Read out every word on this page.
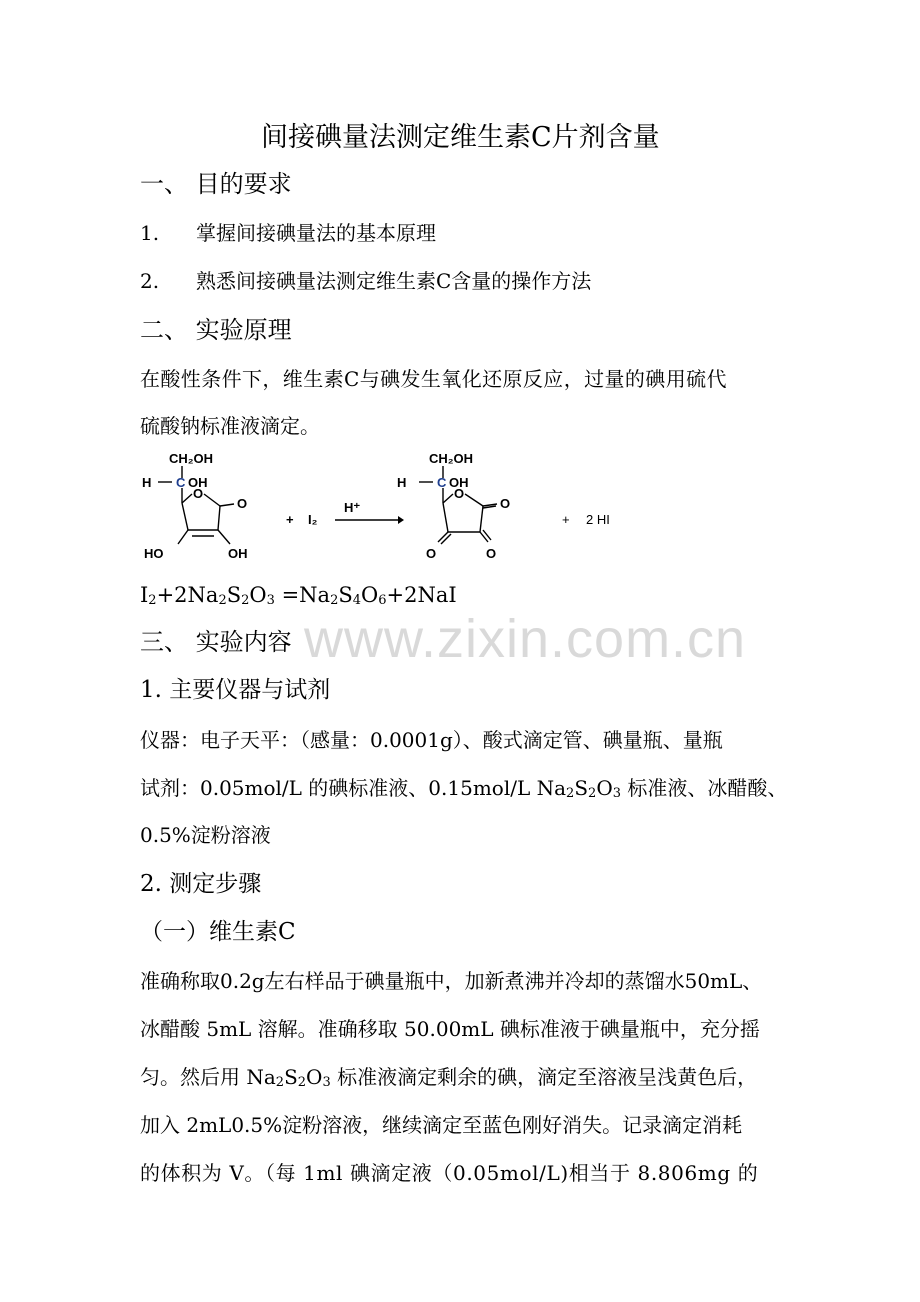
间接碘量法测定维生素C片剂含量
一、 目的要求
1. 掌握间接碘量法的基本原理
2. 熟悉间接碘量法测定维生素C含量的操作方法
二、 实验原理
在酸性条件下，维生素C与碘发生氧化还原反应，过量的碘用硫代
硫酸钠标准液滴定。
CH₂OH
H C OH
O
O
HO	OH
+ I₂
H⁺
CH₂OH
H C OH
O
O
O	O
+ 2 HI
$I_2+2Na_2S_2O_3 =Na_2S_4O_6+2NaI$
www.zixin.com.cn
三、 实验内容
1. 主要仪器与试剂
仪器：电子天平：（感量：0.0001g）、酸式滴定管、碘量瓶、量瓶
试剂：0.05mol/L 的碘标准液、0.15mol/L $Na_2S_2O_3$ 标准液、冰醋酸、
0.5%淀粉溶液
2. 测定步骤
（一）维生素C
准确称取0.2g左右样品于碘量瓶中，加新煮沸并冷却的蒸馏水50mL、
冰醋酸 5mL 溶解。准确移取 50.00mL 碘标准液于碘量瓶中，充分摇
匀。然后用 $Na_2S_2O_3$ 标准液滴定剩余的碘，滴定至溶液呈浅黄色后，
加入 2mL0.5%淀粉溶液，继续滴定至蓝色刚好消失。记录滴定消耗
的体积为 V。（每 1ml 碘滴定液（0.05mol/L)相当于 8.806mg 的
